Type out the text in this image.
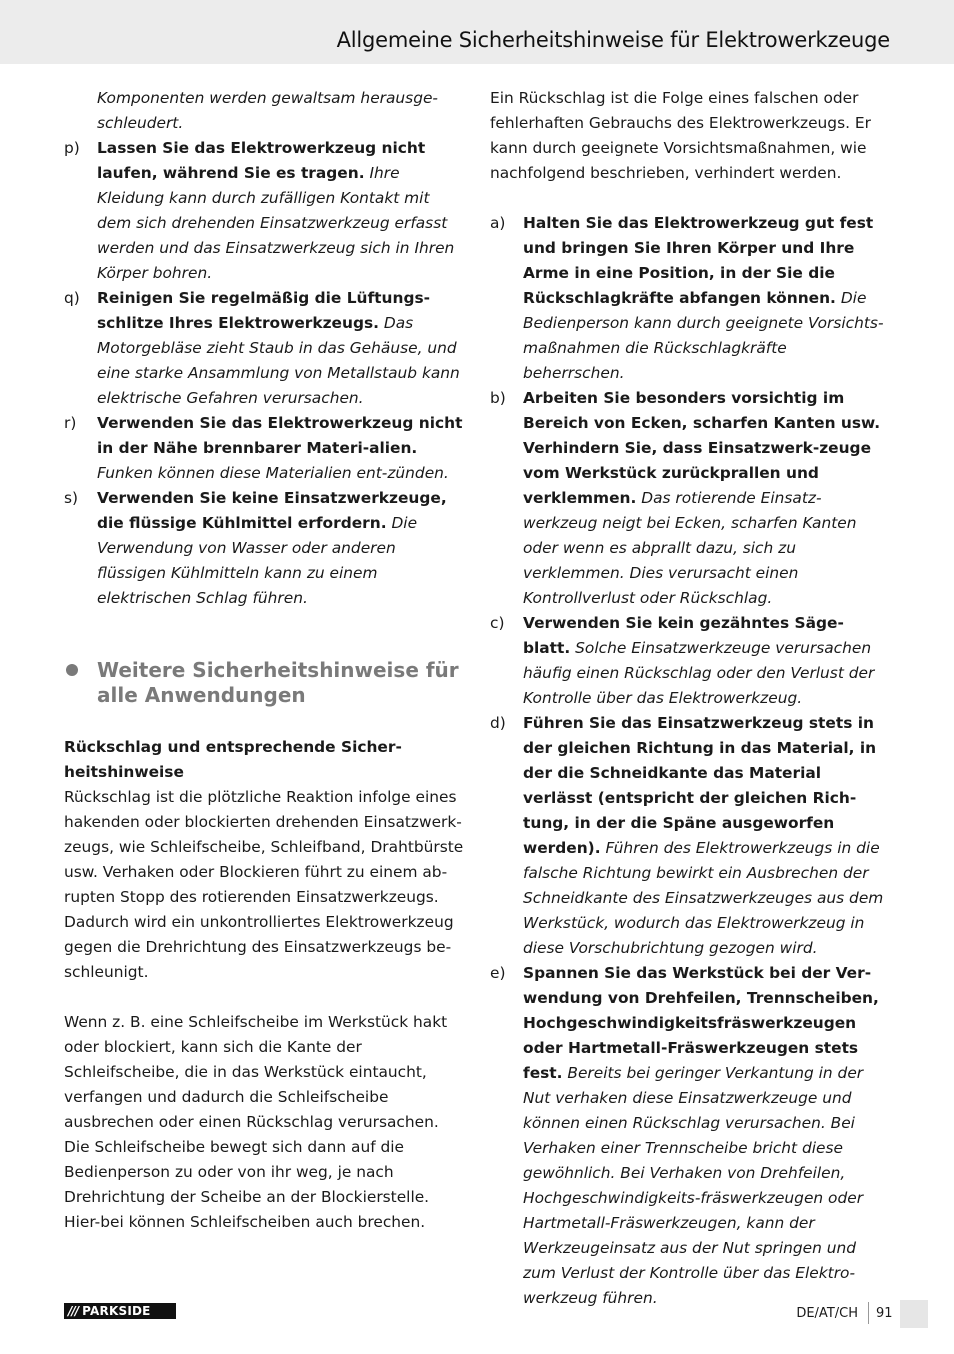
Allgemeine Sicherheitshinweise für Elektrowerkzeuge
Komponenten werden gewaltsam herausge-
schleudert.
p) Lassen Sie das Elektrowerkzeug nicht laufen, während Sie es tragen. Ihre Kleidung kann durch zufälligen Kontakt mit dem sich drehenden Einsatzwerkzeug erfasst werden und das Einsatzwerkzeug sich in Ihren Körper bohren.
q) Reinigen Sie regelmäßig die Lüftungs-schlitze Ihres Elektrowerkzeugs. Das Motorgebläse zieht Staub in das Gehäuse, und eine starke Ansammlung von Metallstaub kann elektrische Gefahren verursachen.
r) Verwenden Sie das Elektrowerkzeug nicht in der Nähe brennbarer Materi-alien. Funken können diese Materialien ent-zünden.
s) Verwenden Sie keine Einsatzwerkzeuge, die flüssige Kühlmittel erfordern. Die Verwendung von Wasser oder anderen flüssigen Kühlmitteln kann zu einem elektrischen Schlag führen.
Weitere Sicherheitshinweise für alle Anwendungen
Rückschlag und entsprechende Sicher-heitshinweise

Rückschlag ist die plötzliche Reaktion infolge eines hakenden oder blockierten drehenden Einsatzwerk-zeugs, wie Schleifscheibe, Schleifband, Drahtbürste usw. Verhaken oder Blockieren führt zu einem ab-rupten Stopp des rotierenden Einsatzwerkzeugs. Dadurch wird ein unkontrolliertes Elektrowerkzeug gegen die Drehrichtung des Einsatzwerkzeugs be-schleunigt.

Wenn z. B. eine Schleifscheibe im Werkstück hakt oder blockiert, kann sich die Kante der Schleifscheibe, die in das Werkstück eintaucht, verfangen und dadurch die Schleifscheibe ausbrechen oder einen Rückschlag verursachen. Die Schleifscheibe bewegt sich dann auf die Bedienperson zu oder von ihr weg, je nach Drehrichtung der Scheibe an der Blockierstelle. Hier-bei können Schleifscheiben auch brechen.

Ein Rückschlag ist die Folge eines falschen oder fehlerhaften Gebrauchs des Elektrowerkzeugs. Er kann durch geeignete Vorsichtsmaßnahmen, wie nachfolgend beschrieben, verhindert werden.

a) Halten Sie das Elektrowerkzeug gut fest und bringen Sie Ihren Körper und Ihre Arme in eine Position, in der Sie die Rückschlagkräfte abfangen können. Die Bedienperson kann durch geeignete Vorsichts-maßnahmen die Rückschlagkräfte beherrschen.
b) Arbeiten Sie besonders vorsichtig im Bereich von Ecken, scharfen Kanten usw. Verhindern Sie, dass Einsatzwerk-zeuge vom Werkstück zurückprallen und verklemmen. Das rotierende Einsatz-werkzeug neigt bei Ecken, scharfen Kanten oder wenn es abprallt dazu, sich zu verklemmen. Dies verursacht einen Kontrollverlust oder Rückschlag.
c) Verwenden Sie kein gezähntes Säge-blatt. Solche Einsatzwerkzeuge verursachen häufig einen Rückschlag oder den Verlust der Kontrolle über das Elektrowerkzeug.
d) Führen Sie das Einsatzwerkzeug stets in der gleichen Richtung in das Material, in der die Schneidkante das Material verlässt (entspricht der gleichen Rich-tung, in der die Späne ausgeworfen werden). Führen des Elektrowerkzeugs in die falsche Richtung bewirkt ein Ausbrechen der Schneidkante des Einsatzwerkzeuges aus dem Werkstück, wodurch das Elektrowerkzeug in diese Vorschubrichtung gezogen wird.
e) Spannen Sie das Werkstück bei der Ver-wendung von Drehfeilen, Trennscheiben, Hochgeschwindigkeitsfräswerkzeugen oder Hartmetall-Fräswerkzeugen stets fest. Bereits bei geringer Verkantung in der Nut verhaken diese Einsatzwerkzeuge und können einen Rückschlag verursachen. Bei Verhaken einer Trennscheibe bricht diese gewöhnlich. Bei Verhaken von Drehfeilen, Hochgeschwindigkeits-fräswerkzeugen oder Hartmetall-Fräswerkzeugen, kann der Werkzeugeinsatz aus der Nut springen und zum Verlust der Kontrolle über das Elektro-werkzeug führen.
/// PARKSIDE	DE/AT/CH 91
